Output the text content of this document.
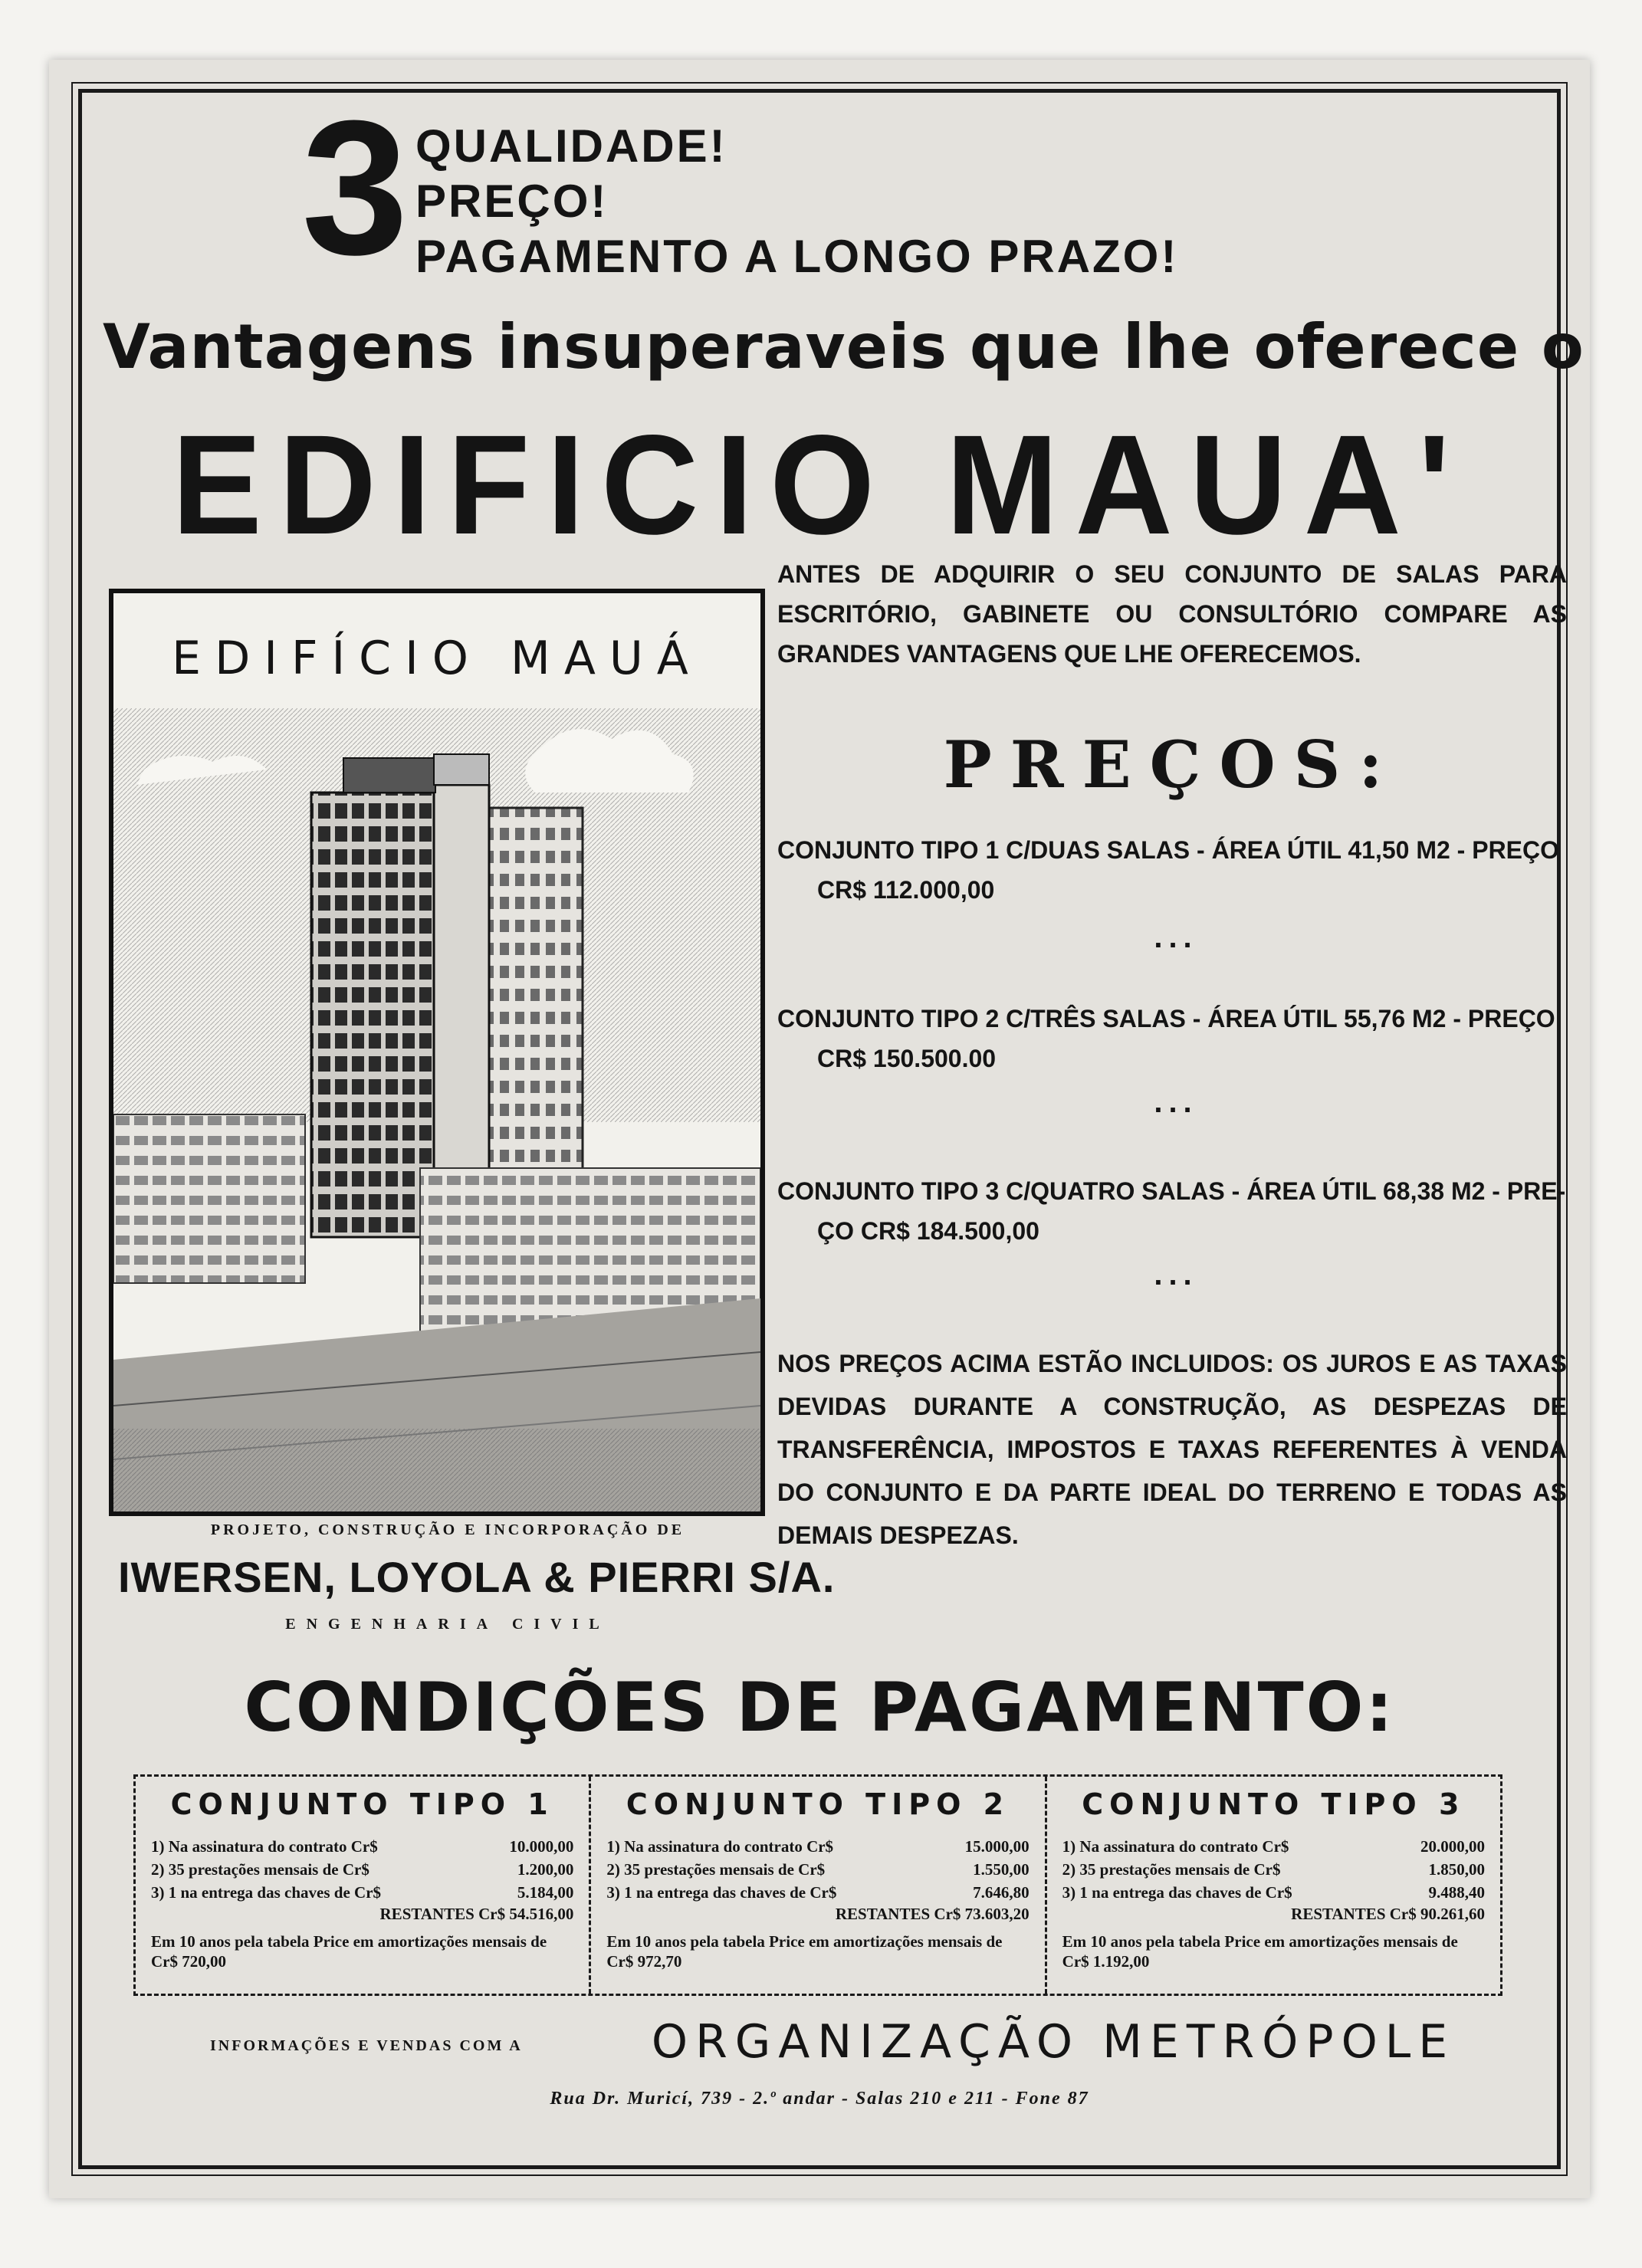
3 QUALIDADE!
PREÇO!
PAGAMENTO A LONGO PRAZO!
Vantagens insuperaveis que lhe oferece o
EDIFICIO MAUA'
EDIFÍCIO MAUÁ
PROJETO, CONSTRUÇÃO E INCORPORAÇÃO DE
IWERSEN, LOYOLA & PIERRI S/A.
ENGENHARIA CIVIL
ANTES DE ADQUIRIR O SEU CONJUNTO DE SALAS PARA ESCRITÓRIO, GABINETE OU CONSULTÓRIO COMPARE AS GRANDES VANTAGENS QUE LHE OFERECEMOS.
PREÇOS:
CONJUNTO TIPO 1 C/DUAS SALAS - ÁREA ÚTIL 41,50 M2 - PREÇO
CR$ 112.000,00
...
CONJUNTO TIPO 2 C/TRÊS SALAS - ÁREA ÚTIL 55,76 M2 - PREÇO
CR$ 150.500.00
...
CONJUNTO TIPO 3 C/QUATRO SALAS - ÁREA ÚTIL 68,38 M2 - PRE-
ÇO CR$ 184.500,00
...
NOS PREÇOS ACIMA ESTÃO INCLUIDOS: OS JUROS E AS TAXAS DEVIDAS DURANTE A CONSTRUÇÃO, AS DESPEZAS DE TRANSFERÊNCIA, IMPOSTOS E TAXAS REFERENTES À VENDA DO CONJUNTO E DA PARTE IDEAL DO TERRENO E TODAS AS DEMAIS DESPEZAS.
CONDIÇÕES DE PAGAMENTO:
CONJUNTO TIPO 1
1) Na assinatura do contrato Cr$	10.000,00
2) 35 prestações mensais de Cr$	1.200,00
3) 1 na entrega das chaves de Cr$	5.184,00
RESTANTES Cr$ 54.516,00
Em 10 anos pela tabela Price em amortizações mensais de Cr$ 720,00
CONJUNTO TIPO 2
1) Na assinatura do contrato Cr$	15.000,00
2) 35 prestações mensais de Cr$	1.550,00
3) 1 na entrega das chaves de Cr$	7.646,80
RESTANTES Cr$ 73.603,20
Em 10 anos pela tabela Price em amortizações mensais de Cr$ 972,70
CONJUNTO TIPO 3
1) Na assinatura do contrato Cr$	20.000,00
2) 35 prestações mensais de Cr$	1.850,00
3) 1 na entrega das chaves de Cr$	9.488,40
RESTANTES Cr$ 90.261,60
Em 10 anos pela tabela Price em amortizações mensais de Cr$ 1.192,00
INFORMAÇÕES E VENDAS COM A	ORGANIZAÇÃO METRÓPOLE
Rua Dr. Muricí, 739 - 2.º andar - Salas 210 e 211 - Fone 87
